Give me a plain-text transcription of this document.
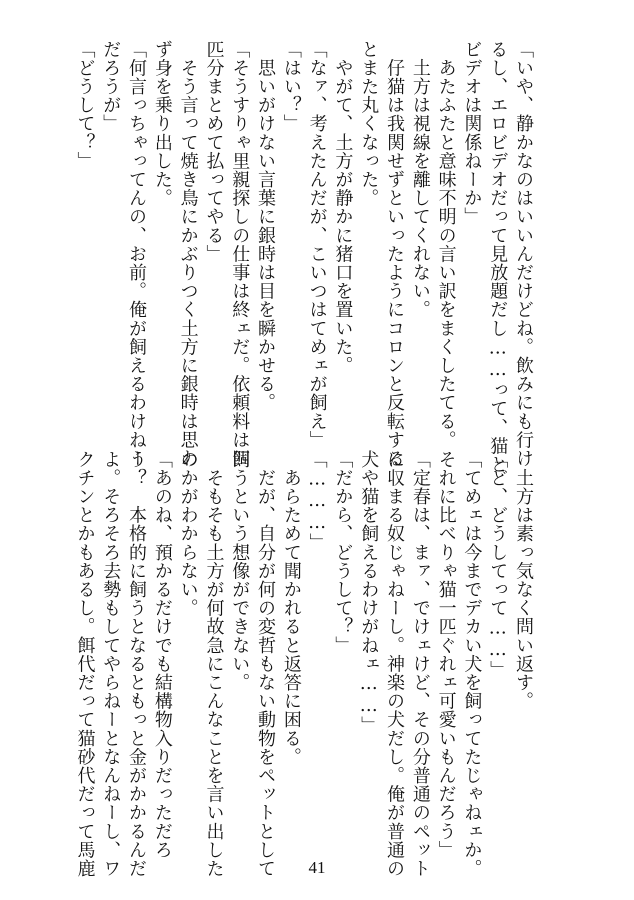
「いや、静かなのはいいんだけどね。飲みにも行け
るし、エロビデオだって見放題だし……って、猫と
ビデオは関係ねーか」
　あたふたと意味不明の言い訳をまくしたてる。
　土方は視線を離してくれない。
　仔猫は我関せずといったようにコロンと反転する
とまた丸くなった。
　やがて、土方が静かに猪口を置いた。
「なァ、考えたんだが、こいつはてめェが飼え」
「はい？」
　思いがけない言葉に銀時は目を瞬かせる。
「そうすりゃ里親探しの仕事は終ェだ。依頼料は四
匹分まとめて払ってやる」
　そう言って焼き鳥にかぶりつく土方に銀時は思わ
ず身を乗り出した。
「何言っちゃってんの、お前。俺が飼えるわけねー
だろうが」
「どうして？」
　土方は素っ気なく問い返す。
「ど、どうしてって……」
「てめェは今までデカい犬を飼ってたじゃねェか。
それに比べりゃ猫一匹ぐれェ可愛いもんだろう」
「定春は、まァ、でけェけど、その分普通のペット
に収まる奴じゃねーし。神楽の犬だし。俺が普通の
犬や猫を飼えるわけがねェ……」
「だから、どうして？」
「………」
　あらためて聞かれると返答に困る。
　だが、自分が何の変哲もない動物をペットとして
飼うという想像ができない。
　そもそも土方が何故急にこんなことを言い出した
のかがわからない。
「あのね、預かるだけでも結構物入りだっただろ
う？　本格的に飼うとなるともっと金がかかるんだ
よ。そろそろ去勢もしてやらねーとなんねーし、ワ
クチンとかもあるし。餌代だって猫砂代だって馬鹿	41
